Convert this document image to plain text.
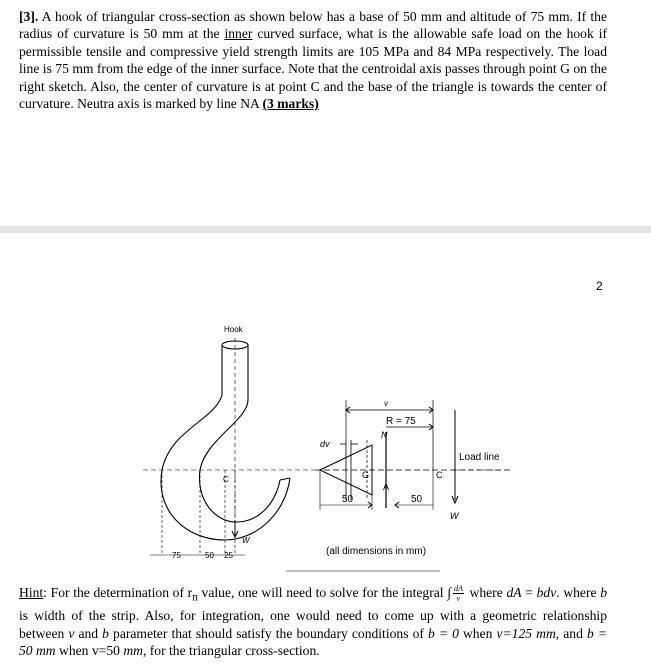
[3]. A hook of triangular cross-section as shown below has a base of 50 mm and altitude of 75 mm. If the radius of curvature is 50 mm at the inner curved surface, what is the allowable safe load on the hook if permissible tensile and compressive yield strength limits are 105 MPa and 84 MPa respectively. The load line is 75 mm from the edge of the inner surface. Note that the centroidal axis passes through point G on the right sketch. Also, the center of curvature is at point C and the base of the triangle is towards the center of curvature. Neutra axis is marked by line NA (3 marks)
2
Hook
C
W
75	50 25
v
R = 75
N
dv
G
A
C
50	50
Load line
W
(all dimensions in mm)
Hint: For the determination of $r_n$ value, one will need to solve for the integral ∫ $\frac{dA}{v}$ where dA = bdv. where b is width of the strip. Also, for integration, one would need to come up with a geometric relationship between v and b parameter that should satisfy the boundary conditions of b = 0 when v=125 mm, and b = 50 mm when v=50 mm, for the triangular cross-section.
